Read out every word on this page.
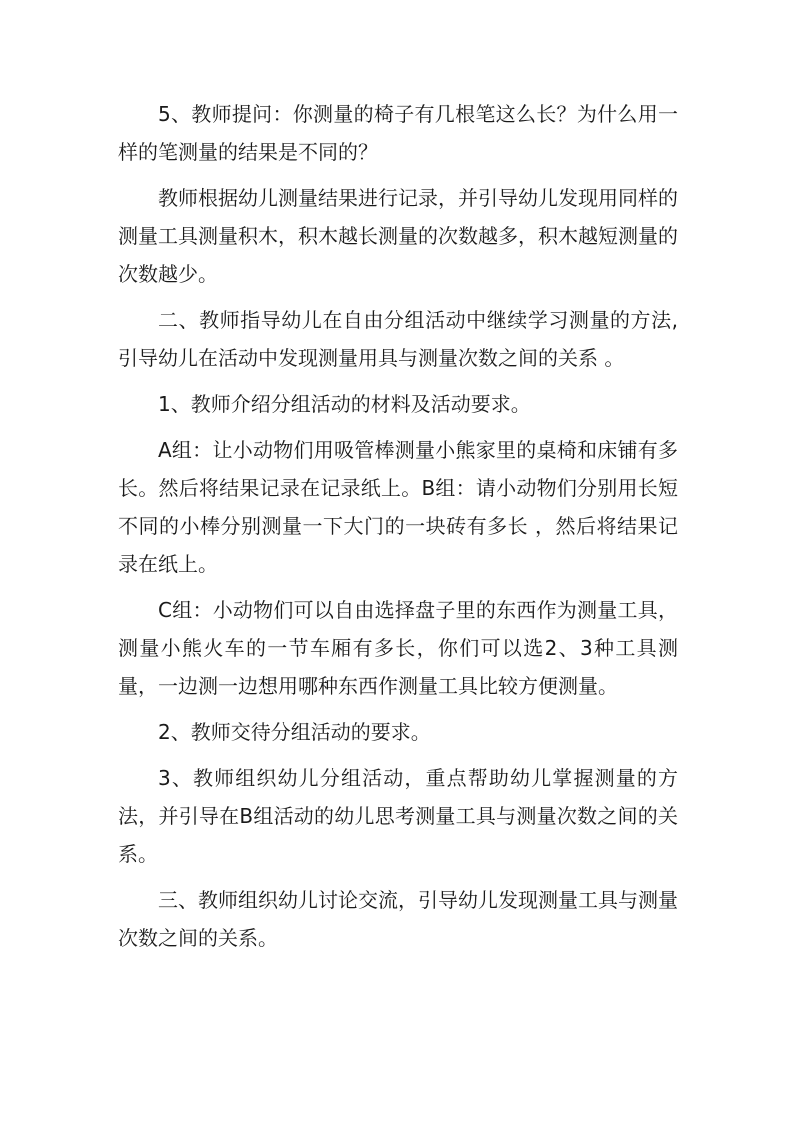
5、教师提问：你测量的椅子有几根笔这么长？为什么用一样的笔测量的结果是不同的？

教师根据幼儿测量结果进行记录，并引导幼儿发现用同样的测量工具测量积木，积木越长测量的次数越多，积木越短测量的次数越少。

二、教师指导幼儿在自由分组活动中继续学习测量的方法,引导幼儿在活动中发现测量用具与测量次数之间的关系 。

1、教师介绍分组活动的材料及活动要求。

A组：让小动物们用吸管棒测量小熊家里的桌椅和床铺有多长。然后将结果记录在记录纸上。B组：请小动物们分别用长短不同的小棒分别测量一下大门的一块砖有多长 ，然后将结果记录在纸上。

C组：小动物们可以自由选择盘子里的东西作为测量工具，测量小熊火车的一节车厢有多长，你们可以选2、3种工具测量，一边测一边想用哪种东西作测量工具比较方便测量。

2、教师交待分组活动的要求。

3、教师组织幼儿分组活动，重点帮助幼儿掌握测量的方法，并引导在B组活动的幼儿思考测量工具与测量次数之间的关系。

三、教师组织幼儿讨论交流，引导幼儿发现测量工具与测量次数之间的关系。
